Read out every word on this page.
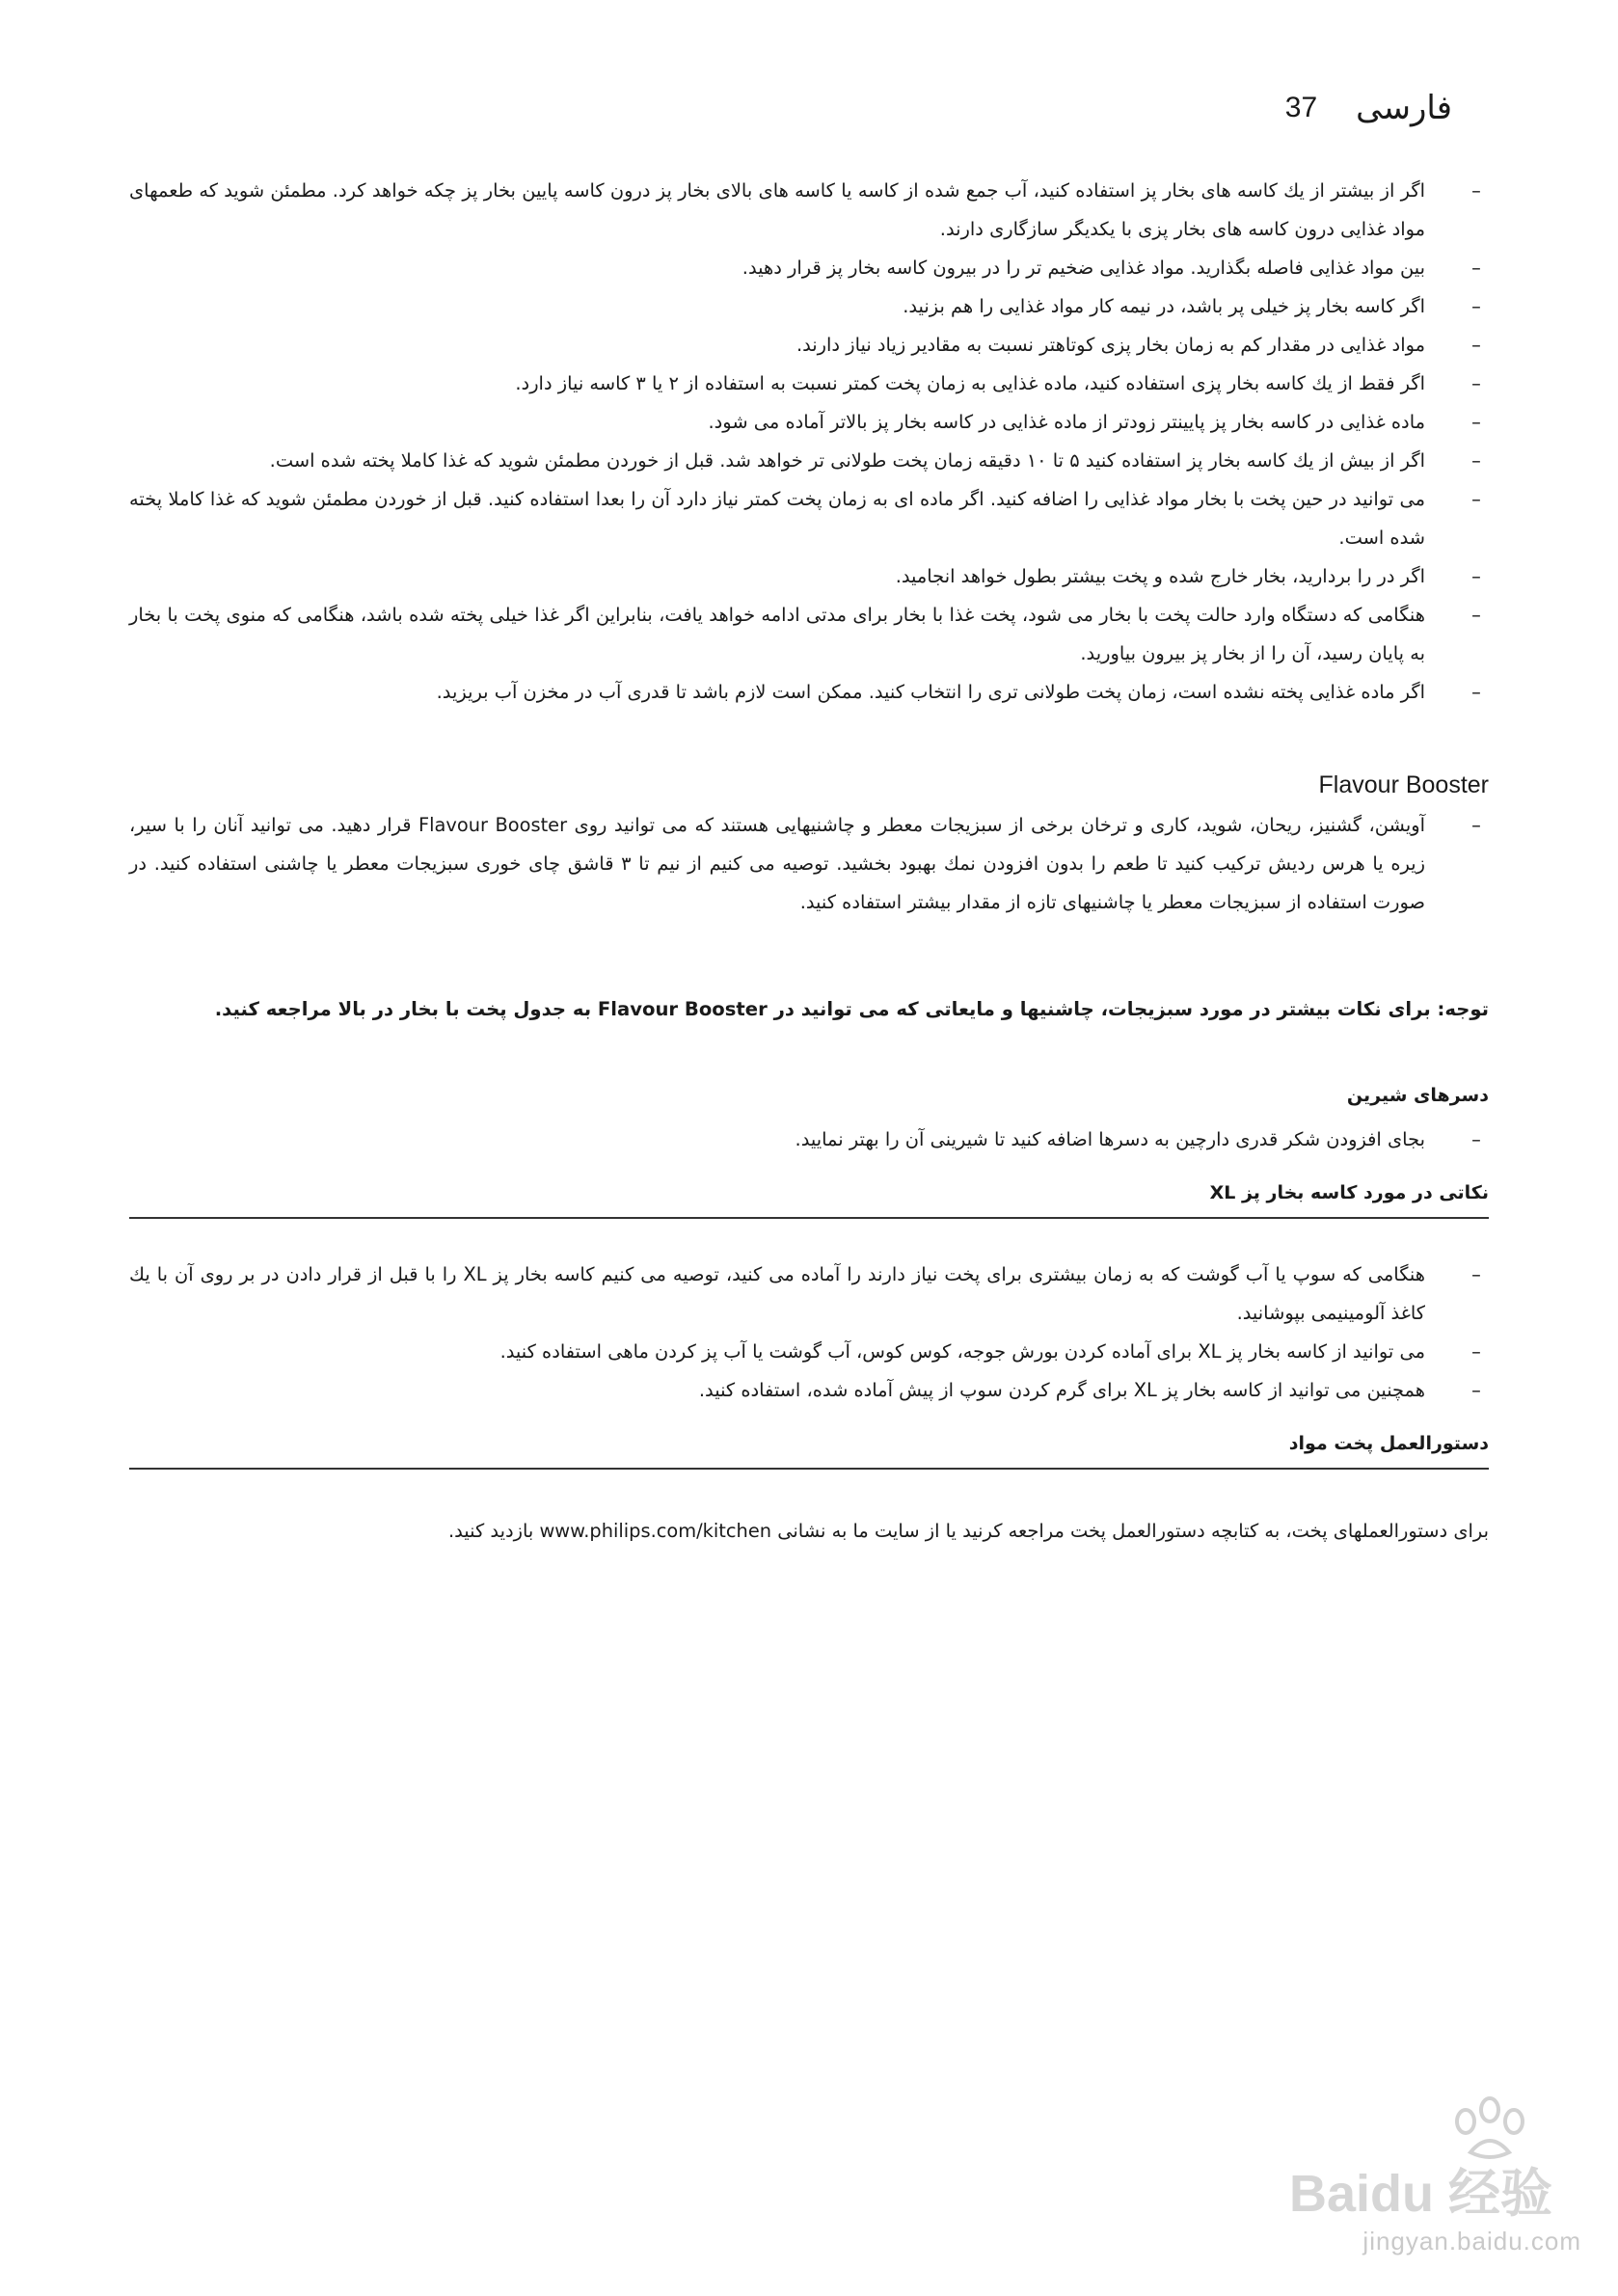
37 فارسی
–
اگر از بیشتر از یك کاسه های بخار پز استفاده کنید، آب جمع شده از کاسه یا کاسه های بالای بخار پز درون کاسه پایین بخار پز چکه خواهد کرد. مطمئن شوید که طعمهای مواد غذایی درون کاسه های بخار پزی با یکدیگر سازگاری دارند.
–
بین مواد غذایی فاصله بگذارید. مواد غذایی ضخیم تر را در بیرون کاسه بخار پز قرار دهید.
–
اگر کاسه بخار پز خیلی پر باشد، در نیمه کار مواد غذایی را هم بزنید.
–
مواد غذایی در مقدار کم به زمان بخار پزی کوتاهتر نسبت به مقادیر زیاد نیاز دارند.
–
اگر فقط از یك کاسه بخار پزی استفاده کنید، ماده غذایی به زمان پخت کمتر نسبت به استفاده از ۲ یا ۳ کاسه نیاز دارد.
–
ماده غذایی در کاسه بخار پز پایینتر زودتر از ماده غذایی در کاسه بخار پز بالاتر آماده می شود.
–
اگر از بیش از یك کاسه بخار پز استفاده کنید ۵ تا ۱۰ دقیقه زمان پخت طولانی تر خواهد شد. قبل از خوردن مطمئن شوید که غذا کاملا پخته شده است.
–
می توانید در حین پخت با بخار مواد غذایی را اضافه کنید. اگر ماده ای به زمان پخت کمتر نیاز دارد آن را بعدا استفاده کنید. قبل از خوردن مطمئن شوید که غذا کاملا پخته شده است.
–
اگر در را بردارید، بخار خارج شده و پخت بیشتر بطول خواهد انجامید.
–
هنگامی که دستگاه وارد حالت پخت با بخار می شود، پخت غذا با بخار برای مدتی ادامه خواهد یافت، بنابراین اگر غذا خیلی پخته شده باشد، هنگامی که منوی پخت با بخار به پایان رسید، آن را از بخار پز بیرون بیاورید.
–
اگر ماده غذایی پخته نشده است، زمان پخت طولانی تری را انتخاب کنید. ممکن است لازم باشد تا قدری آب در مخزن آب بریزید.
Flavour Booster
–
آویشن، گشنیز، ریحان، شوید، کاری و ترخان برخی از سبزیجات معطر و چاشنیهایی هستند که می توانید روی Flavour Booster قرار دهید. می توانید آنان را با سیر، زیره یا هرس ردیش ترکیب کنید تا طعم را بدون افزودن نمك بهبود بخشید. توصیه می کنیم از نیم تا ۳ قاشق چای خوری سبزیجات معطر یا چاشنی استفاده کنید. در صورت استفاده از سبزیجات معطر یا چاشنیهای تازه از مقدار بیشتر استفاده کنید.
توجه: برای نکات بیشتر در مورد سبزیجات، چاشنیها و مایعاتی که می توانید در Flavour Booster به جدول پخت با بخار در بالا مراجعه کنید.
دسرهای شیرین
–
بجای افزودن شکر قدری دارچین به دسرها اضافه کنید تا شیرینی آن را بهتر نمایید.
نکاتی در مورد کاسه بخار پز XL
–
هنگامی که سوپ یا آب گوشت که به زمان بیشتری برای پخت نیاز دارند را آماده می کنید، توصیه می کنیم کاسه بخار پز XL را با قبل از قرار دادن در بر روی آن با یك کاغذ آلومینیمی بپوشانید.
–
می توانید از کاسه بخار پز XL برای آماده کردن بورش جوجه، کوس کوس، آب گوشت یا آب پز کردن ماهی استفاده کنید.
–
همچنین می توانید از کاسه بخار پز XL برای گرم کردن سوپ از پیش آماده شده، استفاده کنید.
دستورالعمل پخت مواد
برای دستورالعملهای پخت، به کتابچه دستورالعمل پخت مراجعه کرنید یا از سایت ما به نشانی www.philips.com/kitchen بازدید کنید.
Baidu 经验
jingyan.baidu.com
